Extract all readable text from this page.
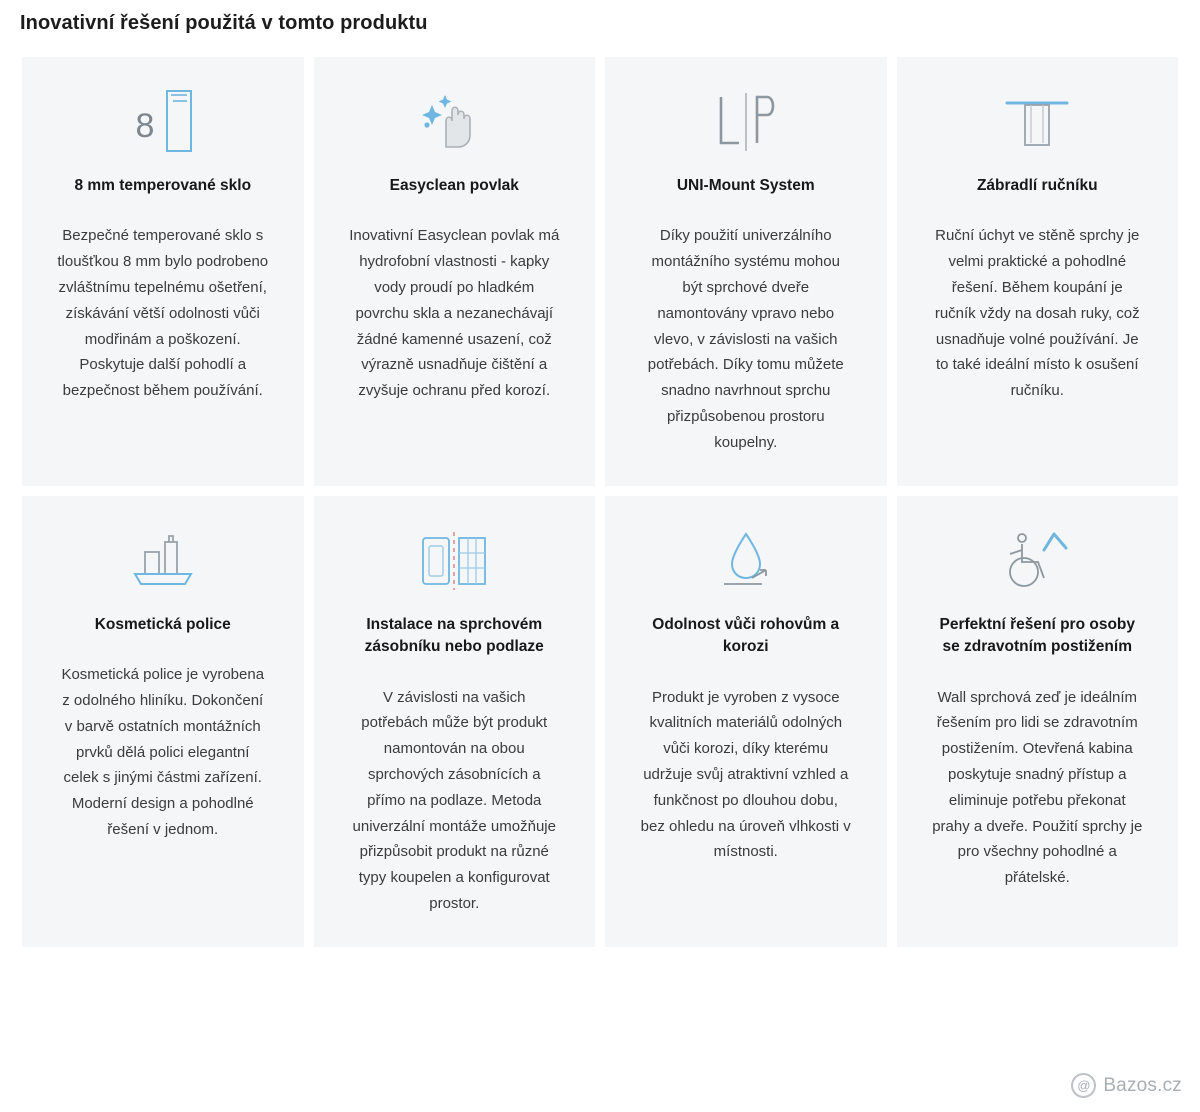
Inovativní řešení použitá v tomto produktu
8
8 mm temperované sklo
Bezpečné temperované sklo s tloušťkou 8 mm bylo podrobeno zvláštnímu tepelnému ošetření, získávání větší odolnosti vůči modřinám a poškození. Poskytuje další pohodlí a bezpečnost během používání.
Easyclean povlak
Inovativní Easyclean povlak má hydrofobní vlastnosti - kapky vody proudí po hladkém povrchu skla a nezanechávají žádné kamenné usazení, což výrazně usnadňuje čištění a zvyšuje ochranu před korozí.
UNI-Mount System
Díky použití univerzálního montážního systému mohou být sprchové dveře namontovány vpravo nebo vlevo, v závislosti na vašich potřebách. Díky tomu můžete snadno navrhnout sprchu přizpůsobenou prostoru koupelny.
Zábradlí ručníku
Ruční úchyt ve stěně sprchy je velmi praktické a pohodlné řešení. Během koupání je ručník vždy na dosah ruky, což usnadňuje volné používání. Je to také ideální místo k osušení ručníku.
Kosmetická police
Kosmetická police je vyrobena z odolného hliníku. Dokončení v barvě ostatních montážních prvků dělá polici elegantní celek s jinými částmi zařízení. Moderní design a pohodlné řešení v jednom.
Instalace na sprchovém zásobníku nebo podlaze
V závislosti na vašich potřebách může být produkt namontován na obou sprchových zásobnících a přímo na podlaze. Metoda univerzální montáže umožňuje přizpůsobit produkt na různé typy koupelen a konfigurovat prostor.
Odolnost vůči rohovům a korozi
Produkt je vyroben z vysoce kvalitních materiálů odolných vůči korozi, díky kterému udržuje svůj atraktivní vzhled a funkčnost po dlouhou dobu, bez ohledu na úroveň vlhkosti v místnosti.
Perfektní řešení pro osoby se zdravotním postižením
Wall sprchová zeď je ideálním řešením pro lidi se zdravotním postižením. Otevřená kabina poskytuje snadný přístup a eliminuje potřebu překonat prahy a dveře. Použití sprchy je pro všechny pohodlné a přátelské.
@ Bazos.cz
